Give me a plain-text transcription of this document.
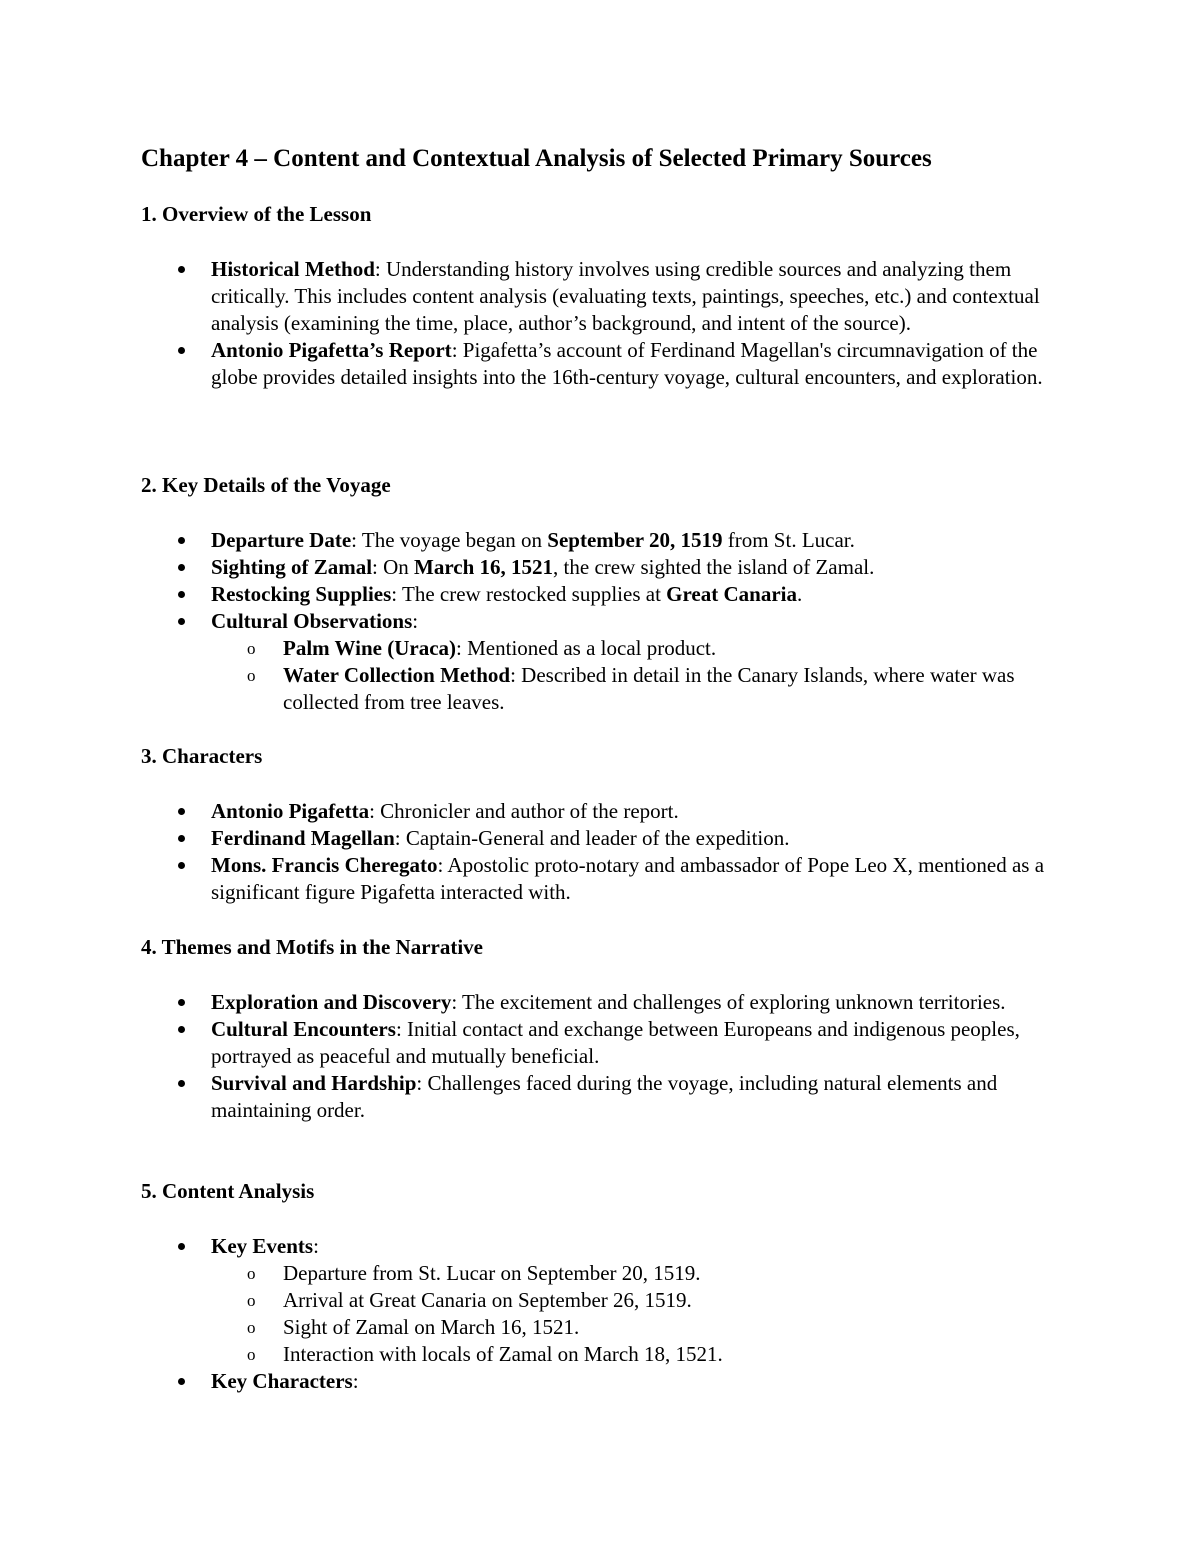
Chapter 4 – Content and Contextual Analysis of Selected Primary Sources
1. Overview of the Lesson
Historical Method: Understanding history involves using credible sources and analyzing them critically. This includes content analysis (evaluating texts, paintings, speeches, etc.) and contextual analysis (examining the time, place, author’s background, and intent of the source).
Antonio Pigafetta’s Report: Pigafetta’s account of Ferdinand Magellan's circumnavigation of the globe provides detailed insights into the 16th-century voyage, cultural encounters, and exploration.
2. Key Details of the Voyage
Departure Date: The voyage began on September 20, 1519 from St. Lucar.
Sighting of Zamal: On March 16, 1521, the crew sighted the island of Zamal.
Restocking Supplies: The crew restocked supplies at Great Canaria.
Cultural Observations:
o Palm Wine (Uraca): Mentioned as a local product.
o Water Collection Method: Described in detail in the Canary Islands, where water was collected from tree leaves.
3. Characters
Antonio Pigafetta: Chronicler and author of the report.
Ferdinand Magellan: Captain-General and leader of the expedition.
Mons. Francis Cheregato: Apostolic proto-notary and ambassador of Pope Leo X, mentioned as a significant figure Pigafetta interacted with.
4. Themes and Motifs in the Narrative
Exploration and Discovery: The excitement and challenges of exploring unknown territories.
Cultural Encounters: Initial contact and exchange between Europeans and indigenous peoples, portrayed as peaceful and mutually beneficial.
Survival and Hardship: Challenges faced during the voyage, including natural elements and maintaining order.
5. Content Analysis
Key Events:
o Departure from St. Lucar on September 20, 1519.
o Arrival at Great Canaria on September 26, 1519.
o Sight of Zamal on March 16, 1521.
o Interaction with locals of Zamal on March 18, 1521.
Key Characters:
